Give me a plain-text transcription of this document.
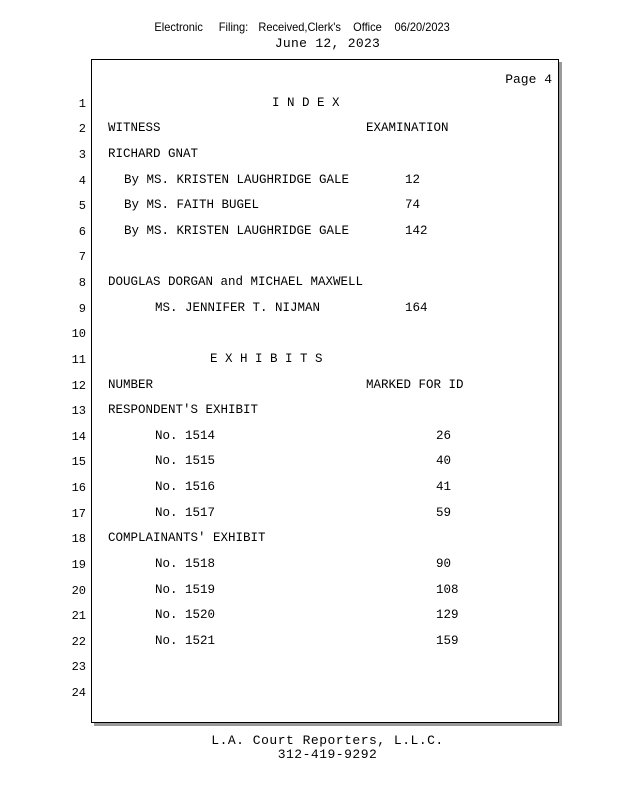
Electronic Filing: Received,Clerk's Office 06/20/2023
June 12, 2023
Page 4
1
2
3
4
5
6
7
8
9
10
11
12
13
14
15
16
17
18
19
20
21
22
23
24
I N D E X
WITNESS	EXAMINATION
RICHARD GNAT
By MS. KRISTEN LAUGHRIDGE GALE	12
By MS. FAITH BUGEL	74
By MS. KRISTEN LAUGHRIDGE GALE	142
DOUGLAS DORGAN and MICHAEL MAXWELL
MS. JENNIFER T. NIJMAN	164
E X H I B I T S
NUMBER	MARKED FOR ID
RESPONDENT'S EXHIBIT
No. 1514	26
No. 1515	40
No. 1516	41
No. 1517	59
COMPLAINANTS' EXHIBIT
No. 1518	90
No. 1519	108
No. 1520	129
No. 1521	159
L.A. Court Reporters, L.L.C.
312-419-9292
